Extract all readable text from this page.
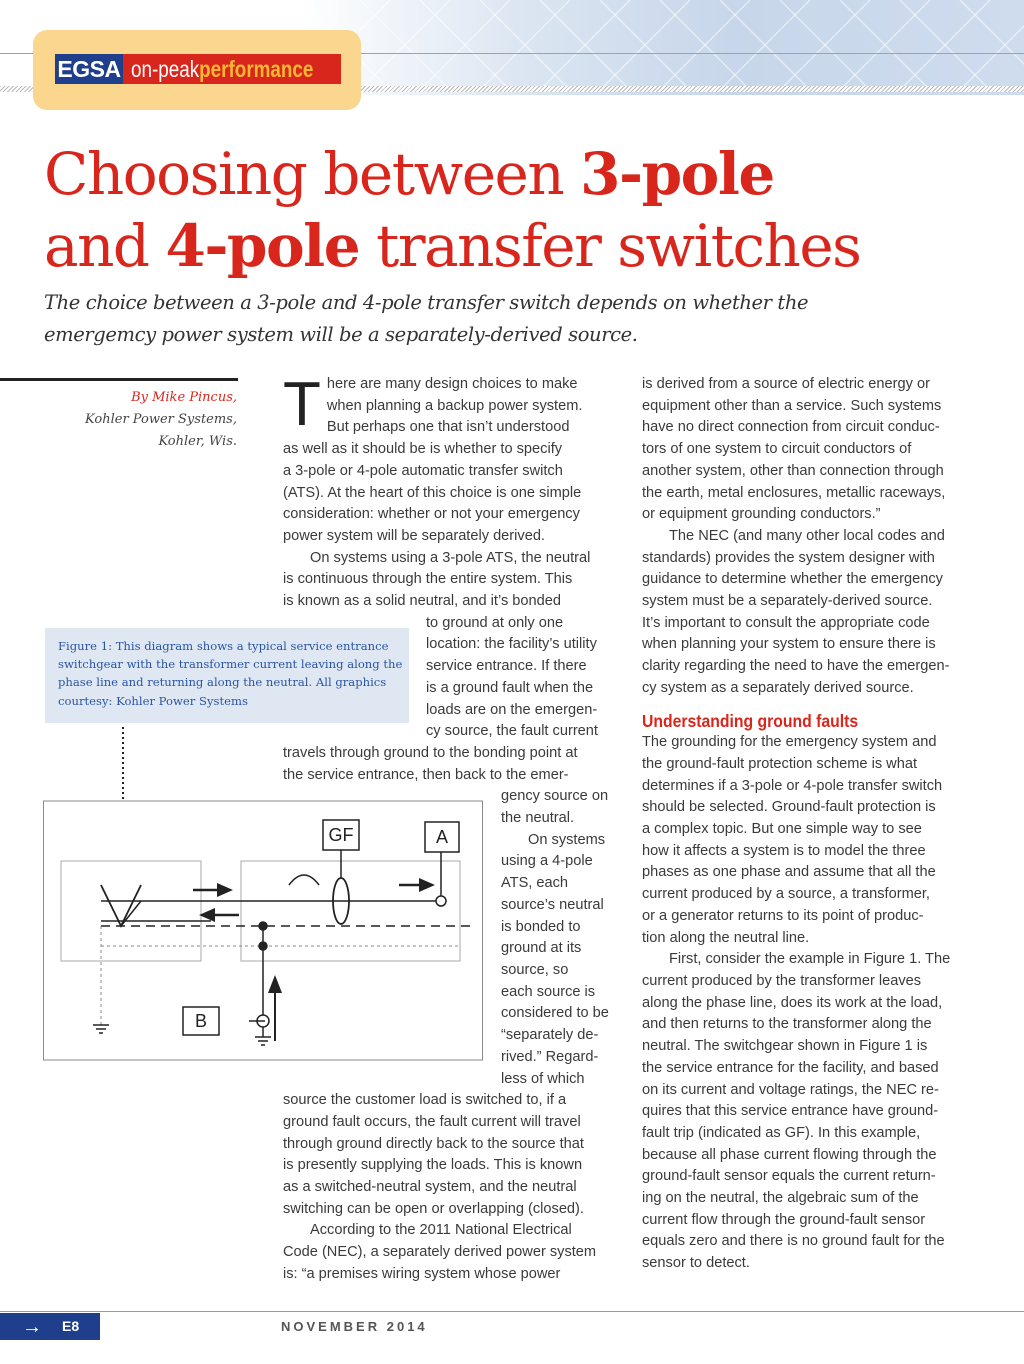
EGSA on-peakperformance
Choosing between 3-pole
and 4-pole transfer switches
The choice between a 3-pole and 4-pole transfer switch depends on whether the
emergemcy power system will be a separately-derived source.
By Mike Pincus,
Kohler Power Systems,
Kohler, Wis.
Figure 1: This diagram shows a typical service entrance switchgear with the transformer current leaving along the phase line and returning along the neutral. All graphics courtesy: Kohler Power Systems
GF	A
B
T here are many design choices to make
when planning a backup power system.
But perhaps one that isn’t understood
as well as it should be is whether to specify
a 3-pole or 4-pole automatic transfer switch
(ATS). At the heart of this choice is one simple
consideration: whether or not your emergency
power system will be separately derived.
On systems using a 3-pole ATS, the neutral
is continuous through the entire system. This
is known as a solid neutral, and it’s bonded
to ground at only one
location: the facility’s utility
service entrance. If there
is a ground fault when the
loads are on the emergen-
cy source, the fault current
travels through ground to the bonding point at
the service entrance, then back to the emer-
gency source on
the neutral.
On systems
using a 4-pole
ATS, each
source’s neutral
is bonded to
ground at its
source, so
each source is
considered to be
“separately de-
rived.” Regard-
less of which
source the customer load is switched to, if a
ground fault occurs, the fault current will travel
through ground directly back to the source that
is presently supplying the loads. This is known
as a switched-neutral system, and the neutral
switching can be open or overlapping (closed).
According to the 2011 National Electrical
Code (NEC), a separately derived power system
is: “a premises wiring system whose power
is derived from a source of electric energy or
equipment other than a service. Such systems
have no direct connection from circuit conduc-
tors of one system to circuit conductors of
another system, other than connection through
the earth, metal enclosures, metallic raceways,
or equipment grounding conductors.”
The NEC (and many other local codes and
standards) provides the system designer with
guidance to determine whether the emergency
system must be a separately-derived source.
It’s important to consult the appropriate code
when planning your system to ensure there is
clarity regarding the need to have the emergen-
cy system as a separately derived source.
Understanding ground faults
The grounding for the emergency system and
the ground-fault protection scheme is what
determines if a 3-pole or 4-pole transfer switch
should be selected. Ground-fault protection is
a complex topic. But one simple way to see
how it affects a system is to model the three
phases as one phase and assume that all the
current produced by a source, a transformer,
or a generator returns to its point of produc-
tion along the neutral line.
First, consider the example in Figure 1. The
current produced by the transformer leaves
along the phase line, does its work at the load,
and then returns to the transformer along the
neutral. The switchgear shown in Figure 1 is
the service entrance for the facility, and based
on its current and voltage ratings, the NEC re-
quires that this service entrance have ground-
fault trip (indicated as GF). In this example,
because all phase current flowing through the
ground-fault sensor equals the current return-
ing on the neutral, the algebraic sum of the
current flow through the ground-fault sensor
equals zero and there is no ground fault for the
sensor to detect.
→ E8	NOVEMBER 2014
